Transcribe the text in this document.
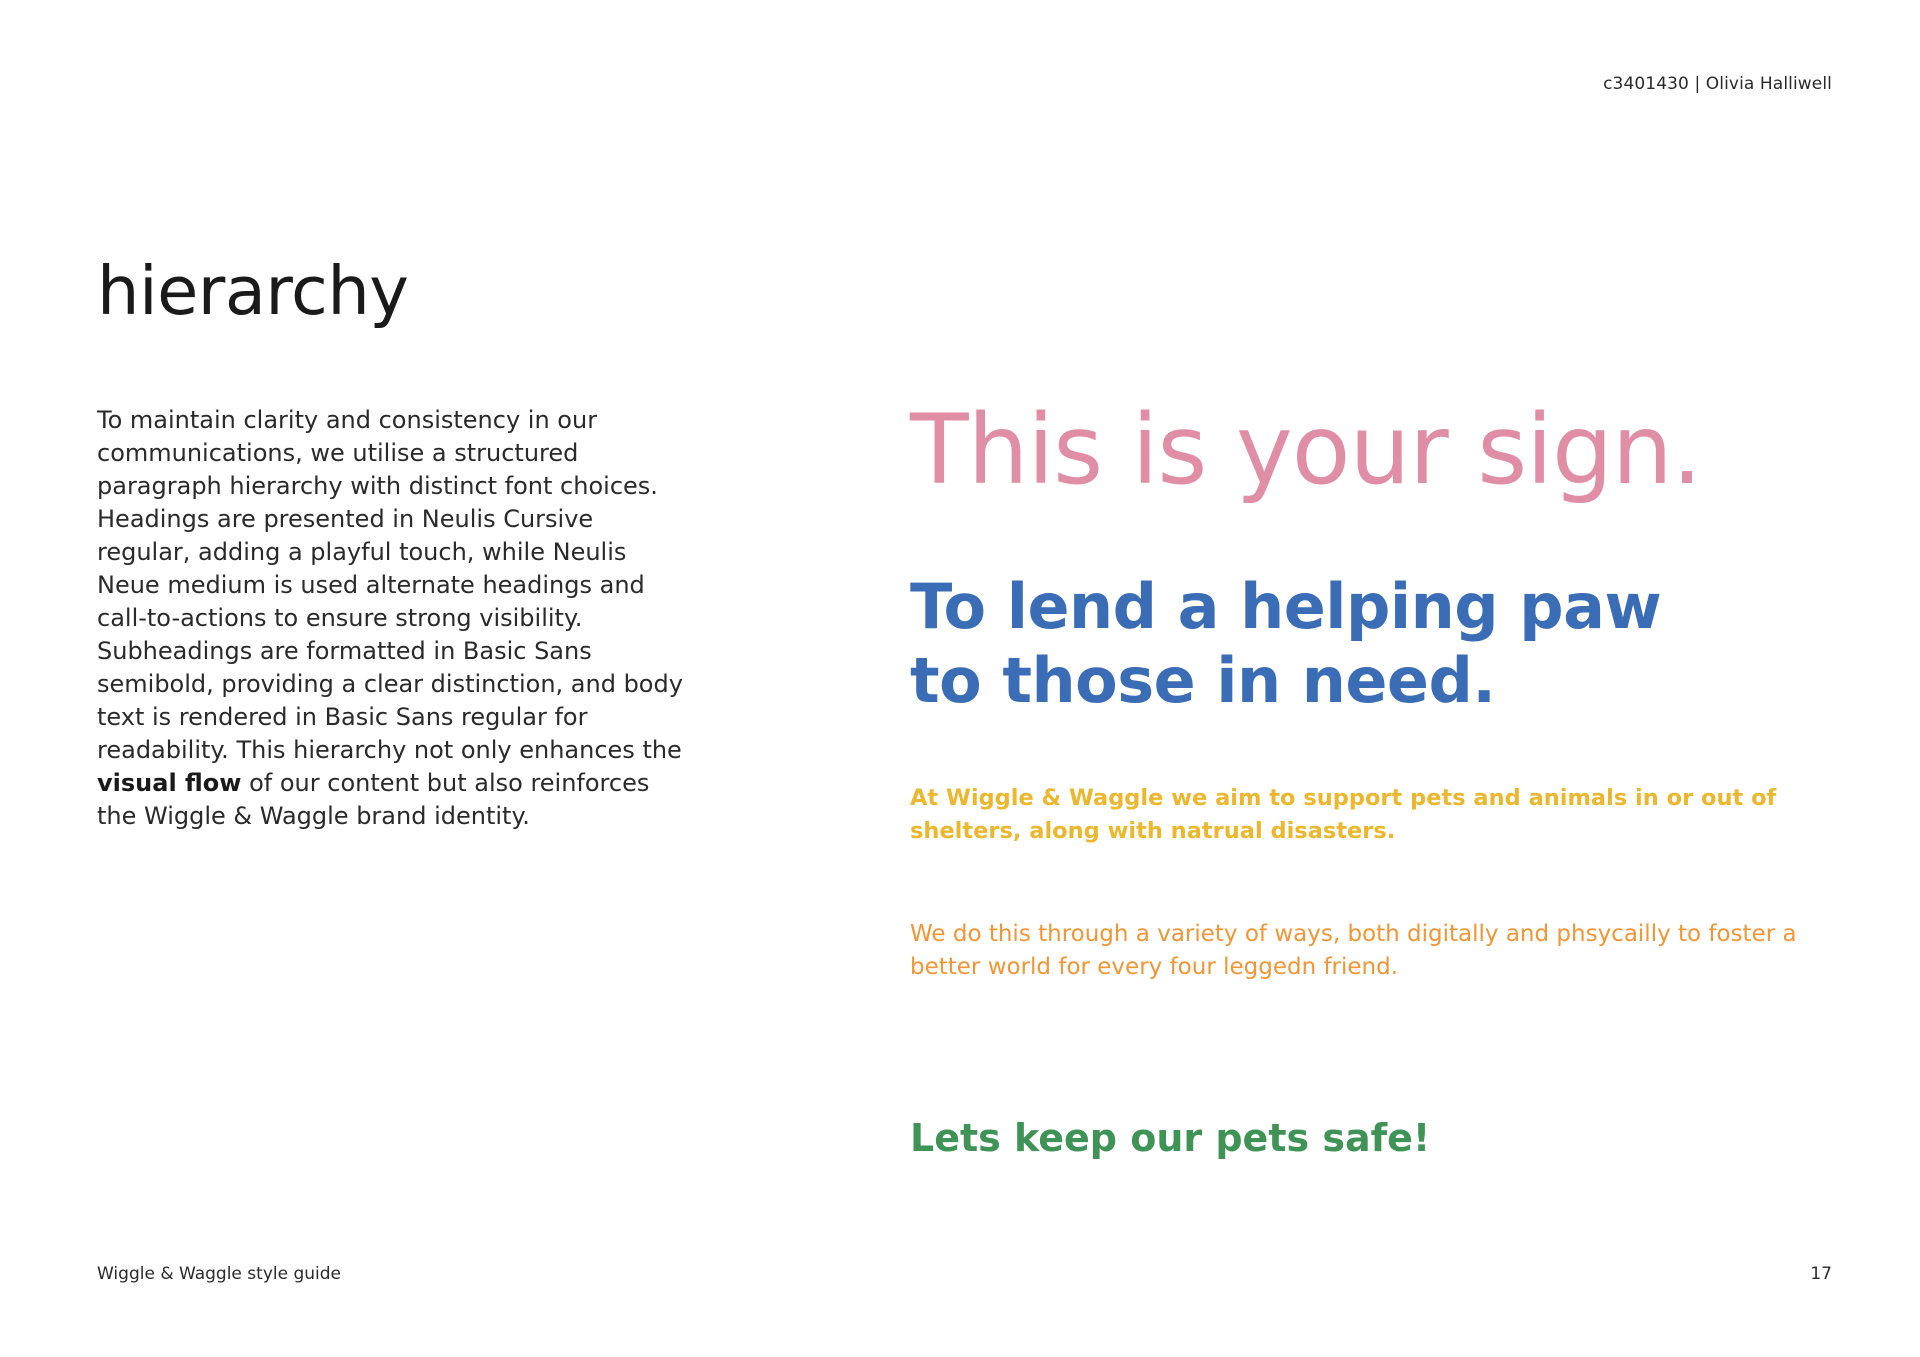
c3401430 | Olivia Halliwell
hierarchy

To maintain clarity and consistency in our communications, we utilise a structured paragraph hierarchy with distinct font choices. Headings are presented in Neulis Cursive regular, adding a playful touch, while Neulis Neue medium is used alternate headings and call-to-actions to ensure strong visibility. Subheadings are formatted in Basic Sans semibold, providing a clear distinction, and body text is rendered in Basic Sans regular for readability. This hierarchy not only enhances the visual flow of our content but also reinforces the Wiggle & Waggle brand identity.

This is your sign.
To lend a helping paw
to those in need.

At Wiggle & Waggle we aim to support pets and animals in or out of shelters, along with natrual disasters.

We do this through a variety of ways, both digitally and phsycailly to foster a better world for every four leggedn friend.

Lets keep our pets safe!

Wiggle & Waggle style guide	17
